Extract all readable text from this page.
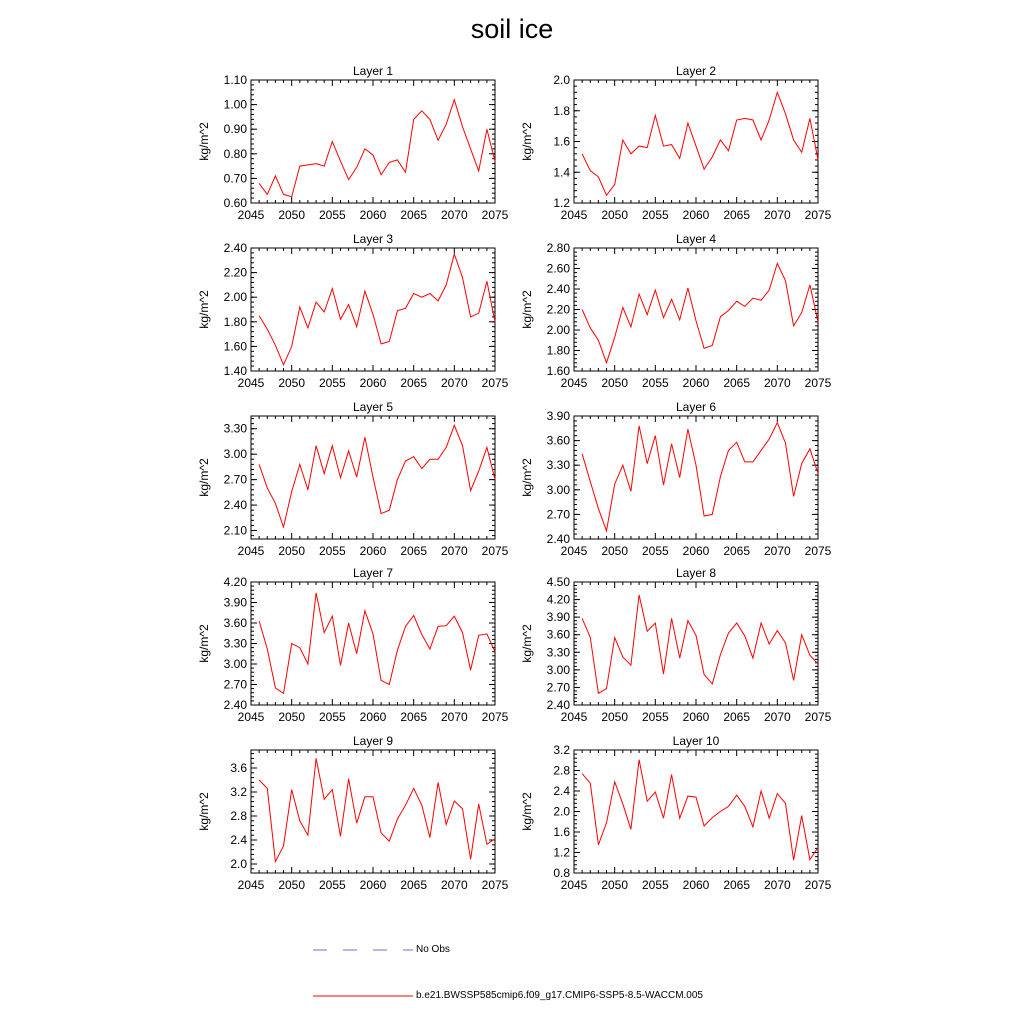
soil ice
Layer 1
kg/m^2
2045 2050 2055 2060 2065 2070 2075
0.60
0.70
0.80
0.90
1.00
1.10
Layer 2
kg/m^2
2045 2050 2055 2060 2065 2070 2075
1.2
1.4
1.6
1.8
2.0
Layer 3
kg/m^2
2045 2050 2055 2060 2065 2070 2075
1.40
1.60
1.80
2.00
2.20
2.40
Layer 4
kg/m^2
2045 2050 2055 2060 2065 2070 2075
1.60
1.80
2.00
2.20
2.40
2.60
2.80
Layer 5
kg/m^2
2045 2050 2055 2060 2065 2070 2075
2.10
2.40
2.70
3.00
3.30
Layer 6
kg/m^2
2045 2050 2055 2060 2065 2070 2075
2.40
2.70
3.00
3.30
3.60
3.90
Layer 7
kg/m^2
2045 2050 2055 2060 2065 2070 2075
2.40
2.70
3.00
3.30
3.60
3.90
4.20
Layer 8
kg/m^2
2045 2050 2055 2060 2065 2070 2075
2.40
2.70
3.00
3.30
3.60
3.90
4.20
4.50
Layer 9
kg/m^2
2045 2050 2055 2060 2065 2070 2075
2.0
2.4
2.8
3.2
3.6
Layer 10
kg/m^2
2045 2050 2055 2060 2065 2070 2075
0.8
1.2
1.6
2.0
2.4
2.8
3.2
No Obs
b.e21.BWSSP585cmip6.f09_g17.CMIP6-SSP5-8.5-WACCM.005
